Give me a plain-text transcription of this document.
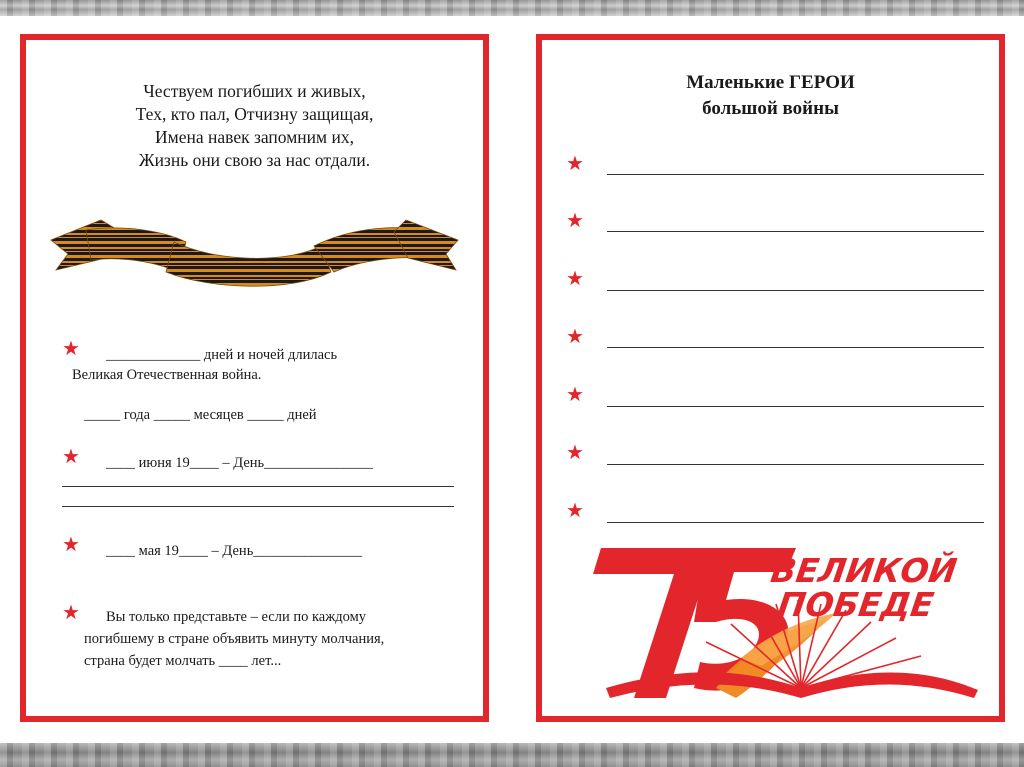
Чествуем погибших и живых,
Тех, кто пал, Отчизну защищая,
Имена навек запомним их,
Жизнь они свою за нас отдали.
★ _____________ дней и ночей длилась
Великая Отечественная война.
_____ года _____ месяцев _____ дней
★ ____ июня 19____ – День_______________
★ ____ мая 19____ – День_______________
★ Вы только представьте – если по каждому
погибшему в стране объявить минуту молчания,
страна будет молчать ____ лет...
Маленькие ГЕРОИ
большой войны
★
★
★
★
★
★
★
ВЕЛИКОЙ
ПОБЕДЕ
